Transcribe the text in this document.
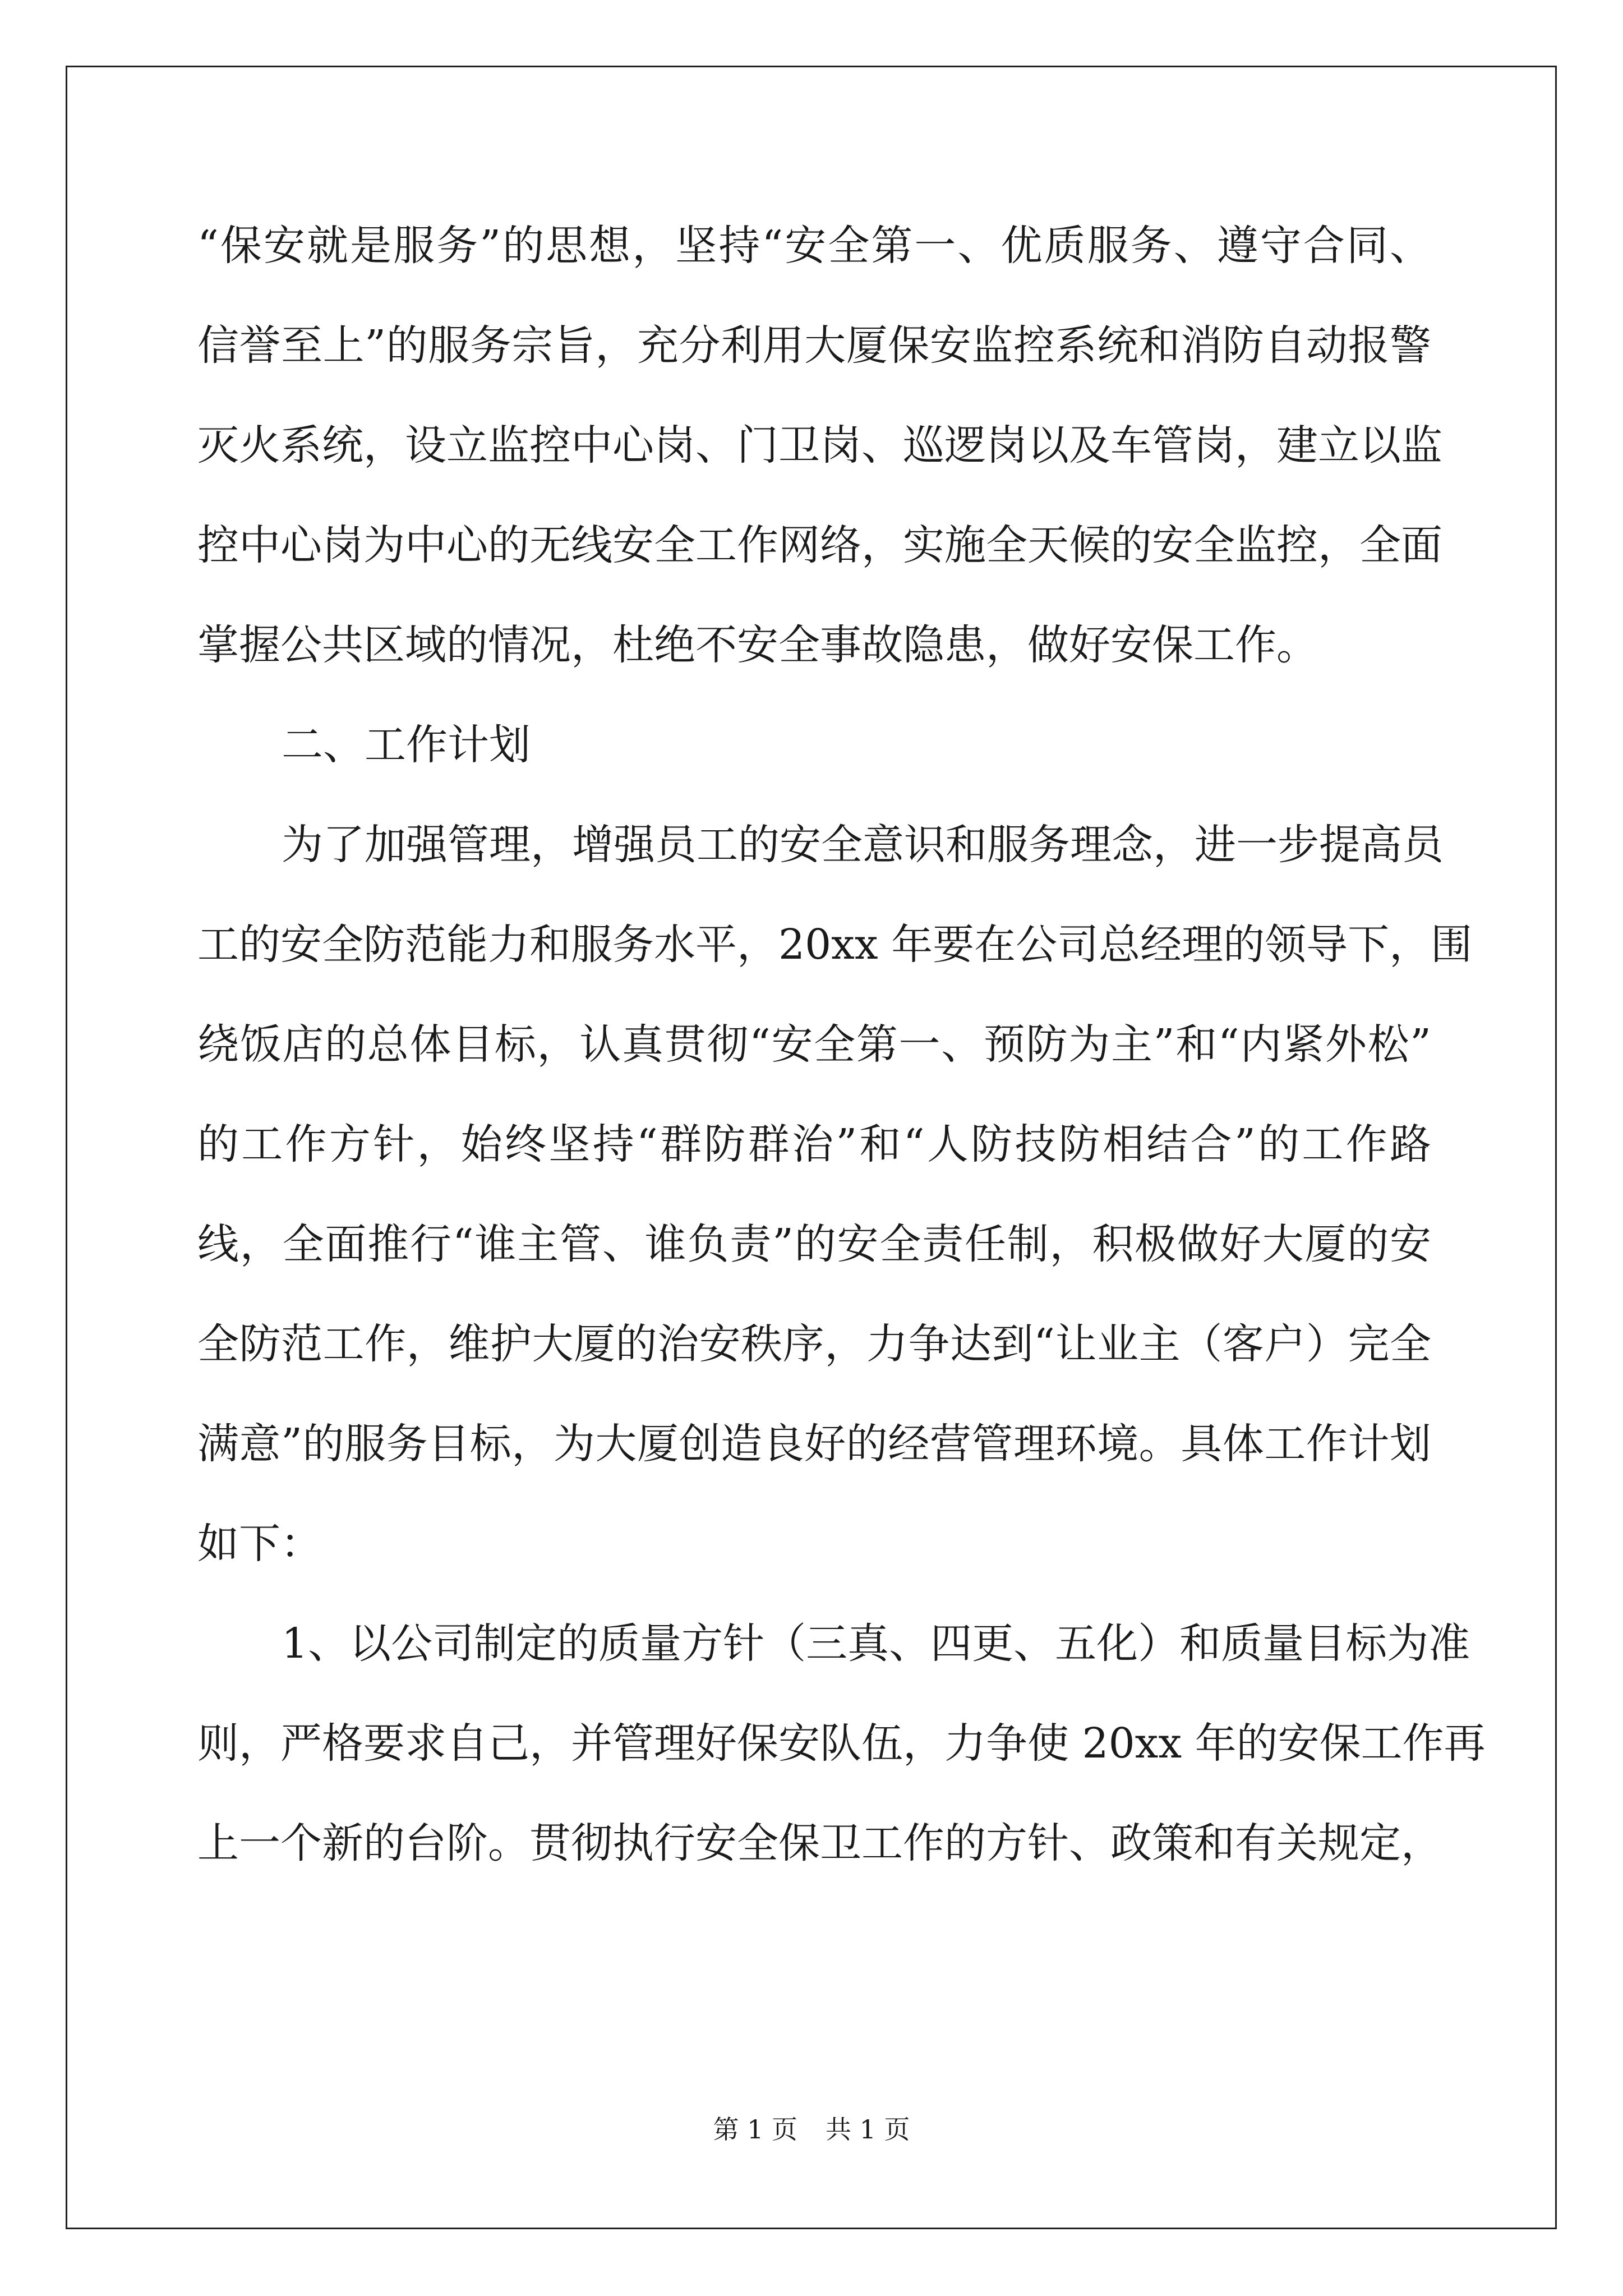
“保安就是服务”的思想，坚持“安全第一、优质服务、遵守合同、
信誉至上”的服务宗旨，充分利用大厦保安监控系统和消防自动报警
灭火系统，设立监控中心岗、门卫岗、巡逻岗以及车管岗，建立以监
控中心岗为中心的无线安全工作网络，实施全天候的安全监控，全面
掌握公共区域的情况，杜绝不安全事故隐患，做好安保工作。
二、工作计划
为了加强管理，增强员工的安全意识和服务理念，进一步提高员
工的安全防范能力和服务水平，20xx 年要在公司总经理的领导下，围
绕饭店的总体目标，认真贯彻“安全第一、预防为主”和“内紧外松”
的工作方针，始终坚持“群防群治”和“人防技防相结合”的工作路
线，全面推行“谁主管、谁负责”的安全责任制，积极做好大厦的安
全防范工作，维护大厦的治安秩序，力争达到“让业主（客户）完全
满意”的服务目标，为大厦创造良好的经营管理环境。具体工作计划
如下：
1、以公司制定的质量方针（三真、四更、五化）和质量目标为准
则，严格要求自己，并管理好保安队伍，力争使 20xx 年的安保工作再
上一个新的台阶。贯彻执行安全保卫工作的方针、政策和有关规定，
第 1 页 共 1 页
